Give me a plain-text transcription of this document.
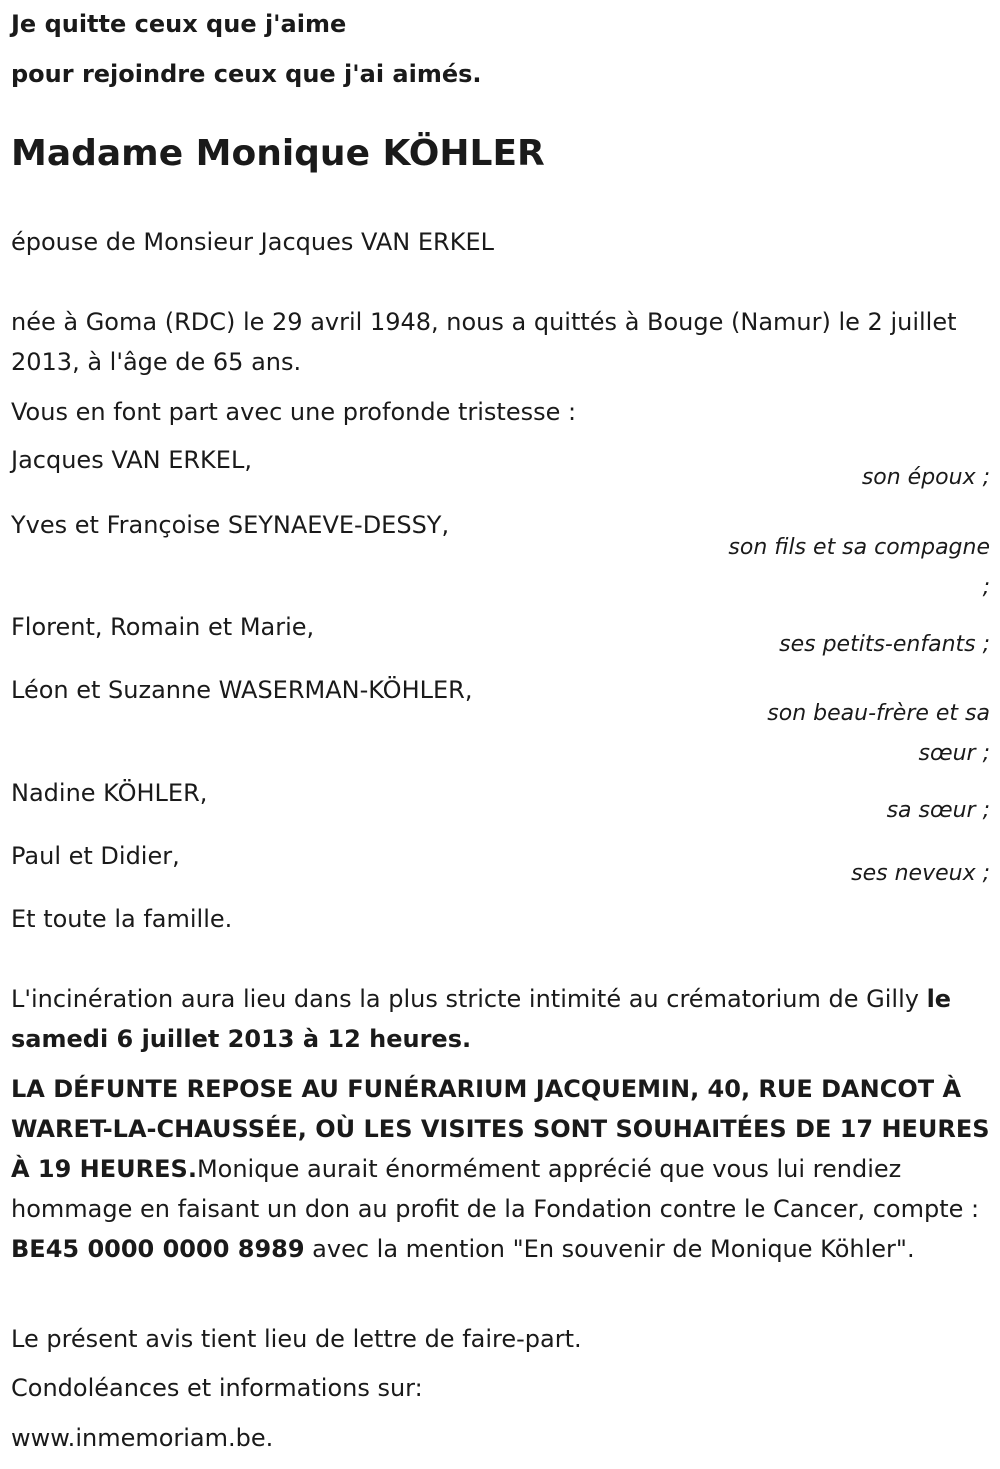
Je quitte ceux que j'aime

pour rejoindre ceux que j'ai aimés.

Madame Monique KÖHLER

épouse de Monsieur Jacques VAN ERKEL

née à Goma (RDC) le 29 avril 1948, nous a quittés à Bouge (Namur) le 2 juillet 2013, à l'âge de 65 ans.

Vous en font part avec une profonde tristesse :

Jacques VAN ERKEL,

son époux ;

Yves et Françoise SEYNAEVE-DESSY,

son fils et sa compagne ;

Florent, Romain et Marie,

ses petits-enfants ;

Léon et Suzanne WASERMAN-KÖHLER,

son beau-frère et sa sœur ;

Nadine KÖHLER,

sa sœur ;

Paul et Didier,

ses neveux ;

Et toute la famille.

L'incinération aura lieu dans la plus stricte intimité au crématorium de Gilly le samedi 6 juillet 2013 à 12 heures.

LA DÉFUNTE REPOSE AU FUNÉRARIUM JACQUEMIN, 40, RUE DANCOT À WARET-LA-CHAUSSÉE, OÙ LES VISITES SONT SOUHAITÉES DE 17 HEURES À 19 HEURES.Monique aurait énormément apprécié que vous lui rendiez hommage en faisant un don au profit de la Fondation contre le Cancer, compte : BE45 0000 0000 8989 avec la mention "En souvenir de Monique Köhler".

Le présent avis tient lieu de lettre de faire-part.

Condoléances et informations sur:

www.inmemoriam.be.
